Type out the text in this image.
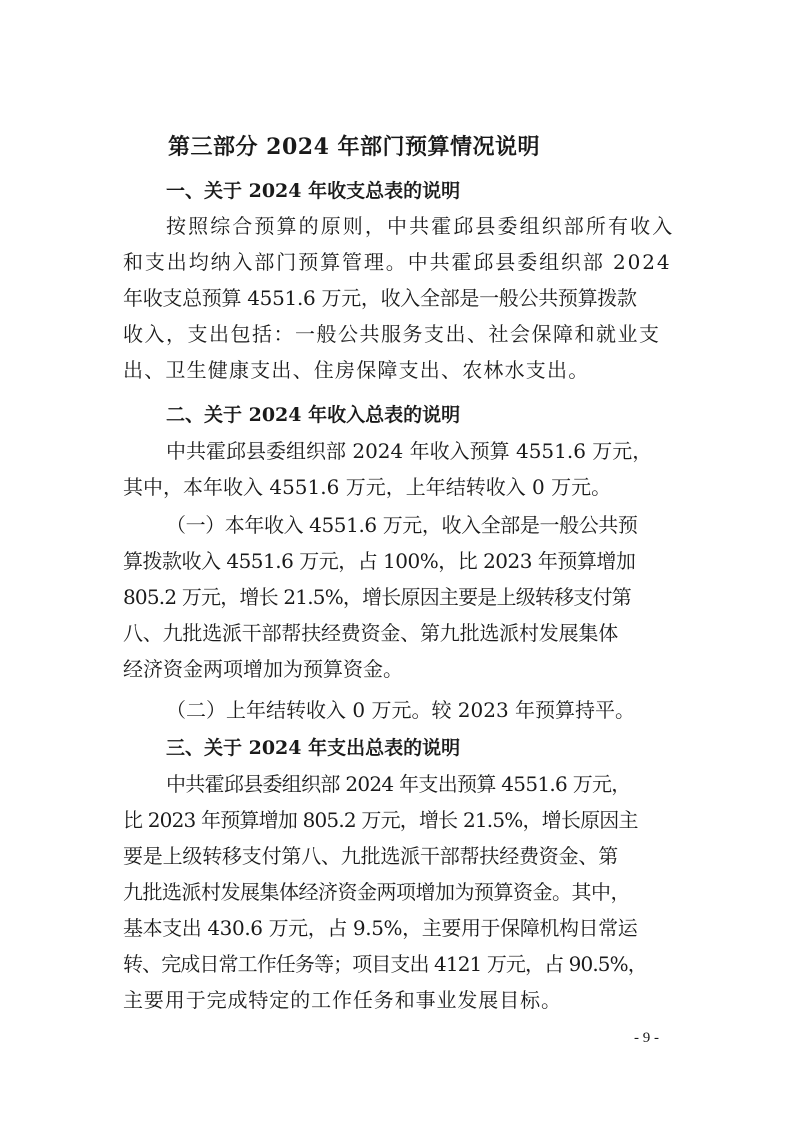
第三部分 2024 年部门预算情况说明
一、关于 2024 年收支总表的说明
按照综合预算的原则，中共霍邱县委组织部所有收入
和支出均纳入部门预算管理。中共霍邱县委组织部 2024
年收支总预算 4551.6 万元，收入全部是一般公共预算拨款
收入，支出包括：一般公共服务支出、社会保障和就业支
出、卫生健康支出、住房保障支出、农林水支出。
二、关于 2024 年收入总表的说明
中共霍邱县委组织部 2024 年收入预算 4551.6 万元，
其中，本年收入 4551.6 万元，上年结转收入 0 万元。
（一）本年收入 4551.6 万元，收入全部是一般公共预
算拨款收入 4551.6 万元，占 100%，比 2023 年预算增加
805.2 万元，增长 21.5%，增长原因主要是上级转移支付第
八、九批选派干部帮扶经费资金、第九批选派村发展集体
经济资金两项增加为预算资金。
（二）上年结转收入 0 万元。较 2023 年预算持平。
三、关于 2024 年支出总表的说明
中共霍邱县委组织部 2024 年支出预算 4551.6 万元，
比 2023 年预算增加 805.2 万元，增长 21.5%，增长原因主
要是上级转移支付第八、九批选派干部帮扶经费资金、第
九批选派村发展集体经济资金两项增加为预算资金。其中，
基本支出 430.6 万元，占 9.5%，主要用于保障机构日常运
转、完成日常工作任务等；项目支出 4121 万元，占 90.5%，
主要用于完成特定的工作任务和事业发展目标。
- 9 -
